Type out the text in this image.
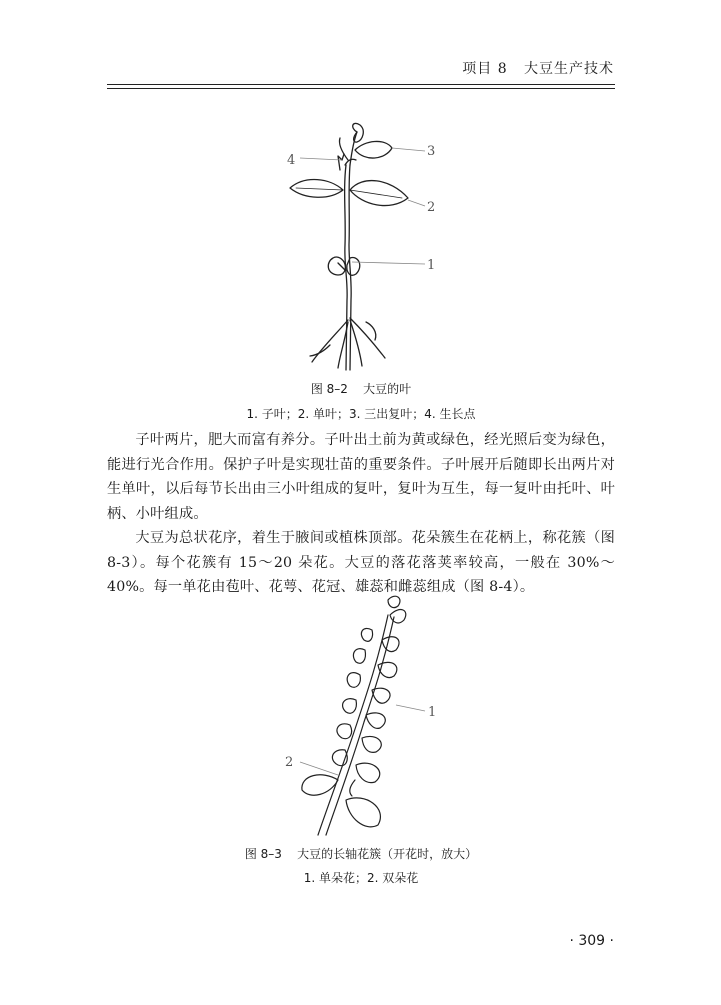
项目 8   大豆生产技术
4
3
2
1
图 8–2    大豆的叶
1. 子叶；2. 单叶；3. 三出复叶；4. 生长点

子叶两片，肥大而富有养分。子叶出土前为黄或绿色，经光照后变为绿色，能进行光合作用。保护子叶是实现壮苗的重要条件。子叶展开后随即长出两片对生单叶，以后每节长出由三小叶组成的复叶，复叶为互生，每一复叶由托叶、叶柄、小叶组成。

大豆为总状花序，着生于腋间或植株顶部。花朵簇生在花柄上，称花簇（图 8-3）。每个花簇有 15～20 朵花。大豆的落花落荚率较高，一般在 30%～40%。每一单花由苞叶、花萼、花冠、雄蕊和雌蕊组成（图 8-4）。

1
2
图 8–3    大豆的长轴花簇（开花时，放大）
1. 单朵花；2. 双朵花
· 309 ·
